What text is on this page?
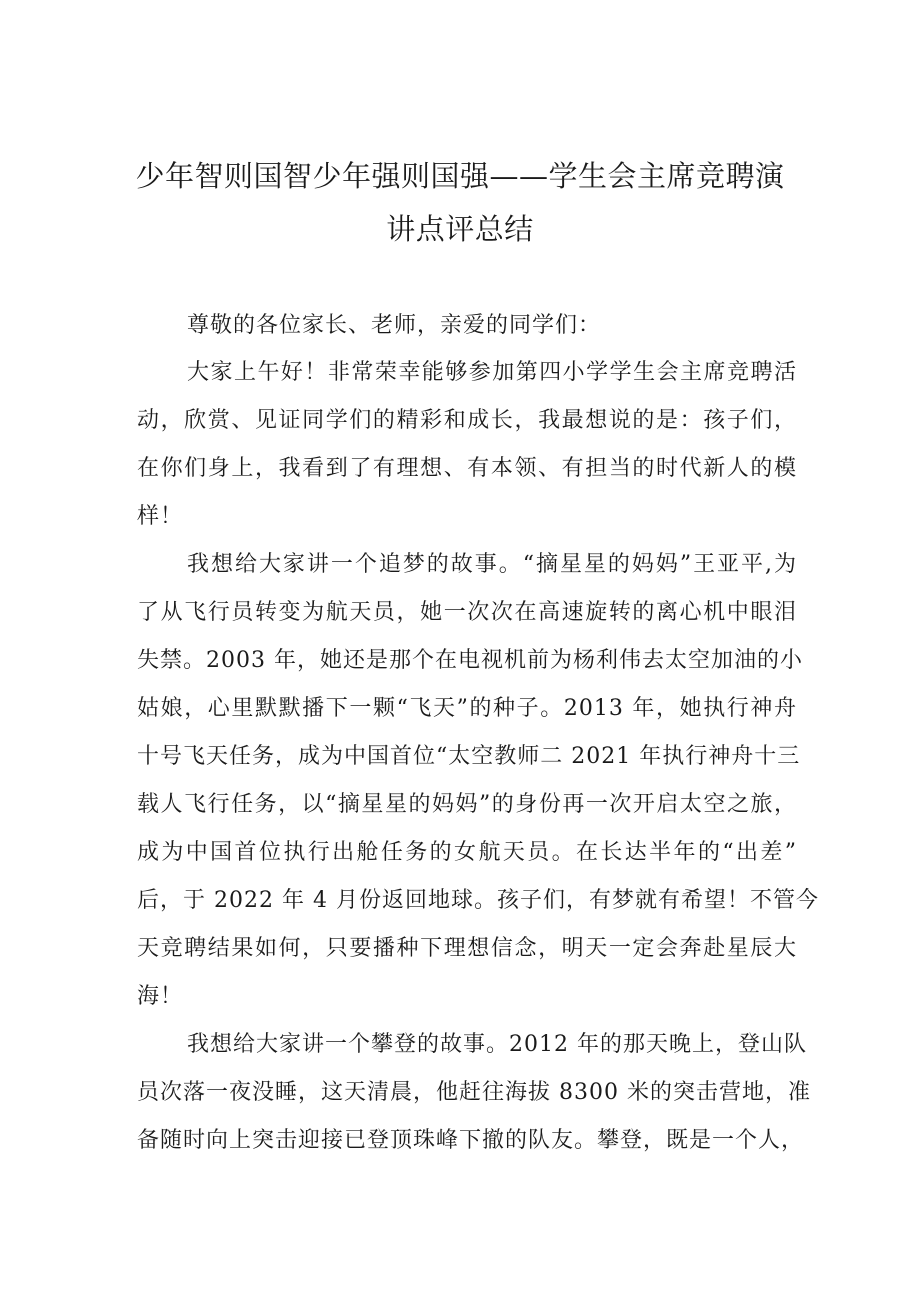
少年智则国智少年强则国强——学生会主席竞聘演
讲点评总结
尊敬的各位家长、老师，亲爱的同学们：
大家上午好！非常荣幸能够参加第四小学学生会主席竞聘活
动，欣赏、见证同学们的精彩和成长，我最想说的是：孩子们，
在你们身上，我看到了有理想、有本领、有担当的时代新人的模
样！
我想给大家讲一个追梦的故事。“摘星星的妈妈”王亚平,为
了从飞行员转变为航天员，她一次次在高速旋转的离心机中眼泪
失禁。2003 年，她还是那个在电视机前为杨利伟去太空加油的小
姑娘，心里默默播下一颗“飞天”的种子。2013 年，她执行神舟
十号飞天任务，成为中国首位“太空教师二 2021 年执行神舟十三
载人飞行任务，以“摘星星的妈妈”的身份再一次开启太空之旅，
成为中国首位执行出舱任务的女航天员。在长达半年的“出差”
后，于 2022 年 4 月份返回地球。孩子们，有梦就有希望！不管今
天竞聘结果如何，只要播种下理想信念，明天一定会奔赴星辰大
海！
我想给大家讲一个攀登的故事。2012 年的那天晚上，登山队
员次落一夜没睡，这天清晨，他赶往海拔 8300 米的突击营地，准
备随时向上突击迎接已登顶珠峰下撤的队友。攀登，既是一个人，
